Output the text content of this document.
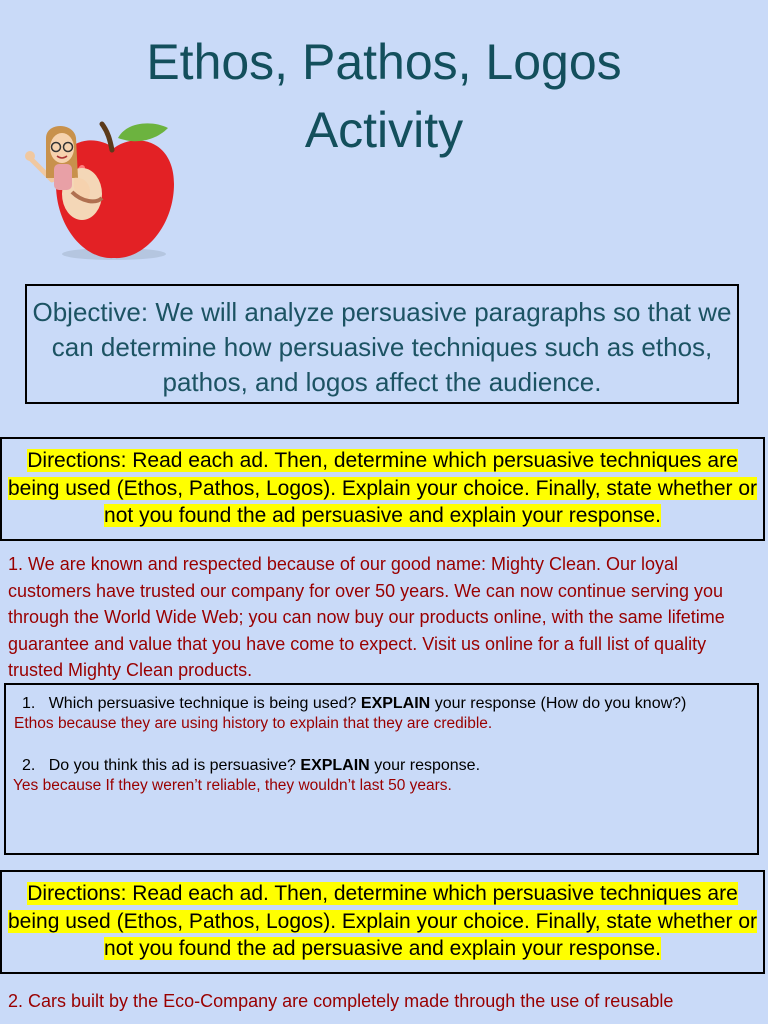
Ethos, Pathos, Logos
Activity
Objective: We will analyze persuasive paragraphs so that we can determine how persuasive techniques such as ethos, pathos, and logos affect the audience.
Directions: Read each ad. Then, determine which persuasive techniques are being used (Ethos, Pathos, Logos). Explain your choice. Finally, state whether or not you found the ad persuasive and explain your response.
1. We are known and respected because of our good name: Mighty Clean. Our loyal customers have trusted our company for over 50 years. We can now continue serving you through the World Wide Web; you can now buy our products online, with the same lifetime guarantee and value that you have come to expect. Visit us online for a full list of quality trusted Mighty Clean products.
1. Which persuasive technique is being used? EXPLAIN your response (How do you know?)
Ethos because they are using history to explain that they are credible.
2. Do you think this ad is persuasive? EXPLAIN your response.
Yes because If they weren’t reliable, they wouldn’t last 50 years.
Directions: Read each ad. Then, determine which persuasive techniques are being used (Ethos, Pathos, Logos). Explain your choice. Finally, state whether or not you found the ad persuasive and explain your response.
2. Cars built by the Eco-Company are completely made through the use of reusable
